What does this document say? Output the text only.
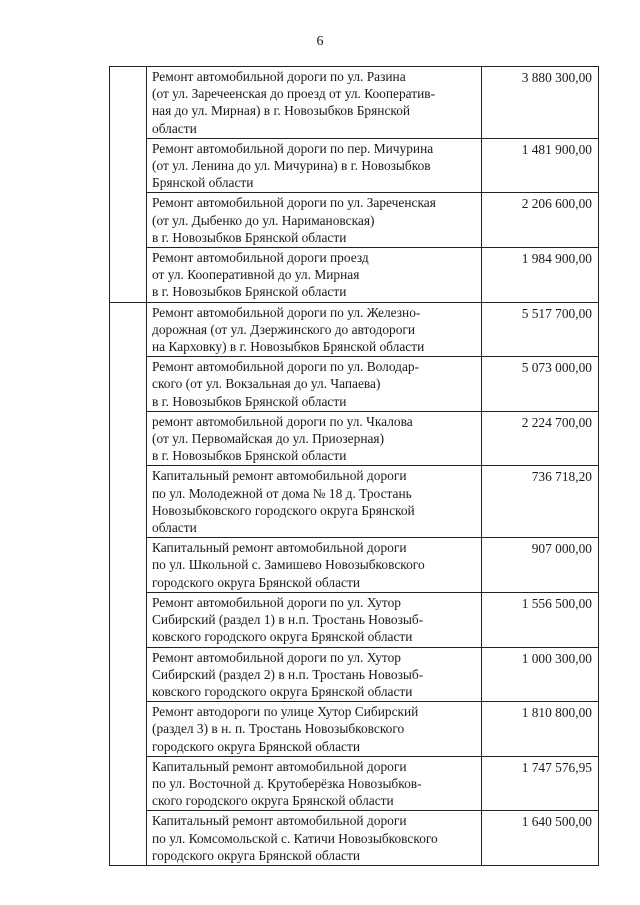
6

	Ремонт автомобильной дороги по ул. Разина
(от ул. Заречеенская до проезд от ул. Кооператив-
ная до ул. Мирная) в г. Новозыбков Брянской
области	3 880 300,00

	Ремонт автомобильной дороги по пер. Мичурина
(от ул. Ленина до ул. Мичурина) в г. Новозыбков
Брянской области	1 481 900,00

	Ремонт автомобильной дороги по ул. Зареченская
(от ул. Дыбенко до ул. Наримановская)
в г. Новозыбков Брянской области	2 206 600,00

	Ремонт автомобильной дороги проезд
от ул. Кооперативной до ул. Мирная
в г. Новозыбков Брянской области	1 984 900,00

	Ремонт автомобильной дороги по ул. Железно-
дорожная (от ул. Дзержинского до автодороги
на Карховку) в г. Новозыбков Брянской области	5 517 700,00

	Ремонт автомобильной дороги по ул. Володар-
ского (от ул. Вокзальная до ул. Чапаева)
в г. Новозыбков Брянской области	5 073 000,00

	ремонт автомобильной дороги по ул. Чкалова
(от ул. Первомайская до ул. Приозерная)
в г. Новозыбков Брянской области	2 224 700,00

	Капитальный ремонт автомобильной дороги
по ул. Молодежной от дома № 18 д. Тростань
Новозыбковского городского округа Брянской
области	736 718,20

	Капитальный ремонт автомобильной дороги
по ул. Школьной с. Замишево Новозыбковского
городского округа Брянской области	907 000,00

	Ремонт автомобильной дороги по ул. Хутор
Сибирский (раздел 1) в н.п. Тростань Новозыб-
ковского городского округа Брянской области	1 556 500,00

	Ремонт автомобильной дороги по ул. Хутор
Сибирский (раздел 2) в н.п. Тростань Новозыб-
ковского городского округа Брянской области	1 000 300,00

	Ремонт автодороги по улице Хутор Сибирский
(раздел 3) в н. п. Тростань Новозыбковского
городского округа Брянской области	1 810 800,00

	Капитальный ремонт автомобильной дороги
по ул. Восточной д. Крутоберёзка Новозыбков-
ского городского округа Брянской области	1 747 576,95

	Капитальный ремонт автомобильной дороги
по ул. Комсомольской с. Катичи Новозыбковского
городского округа Брянской области	1 640 500,00
